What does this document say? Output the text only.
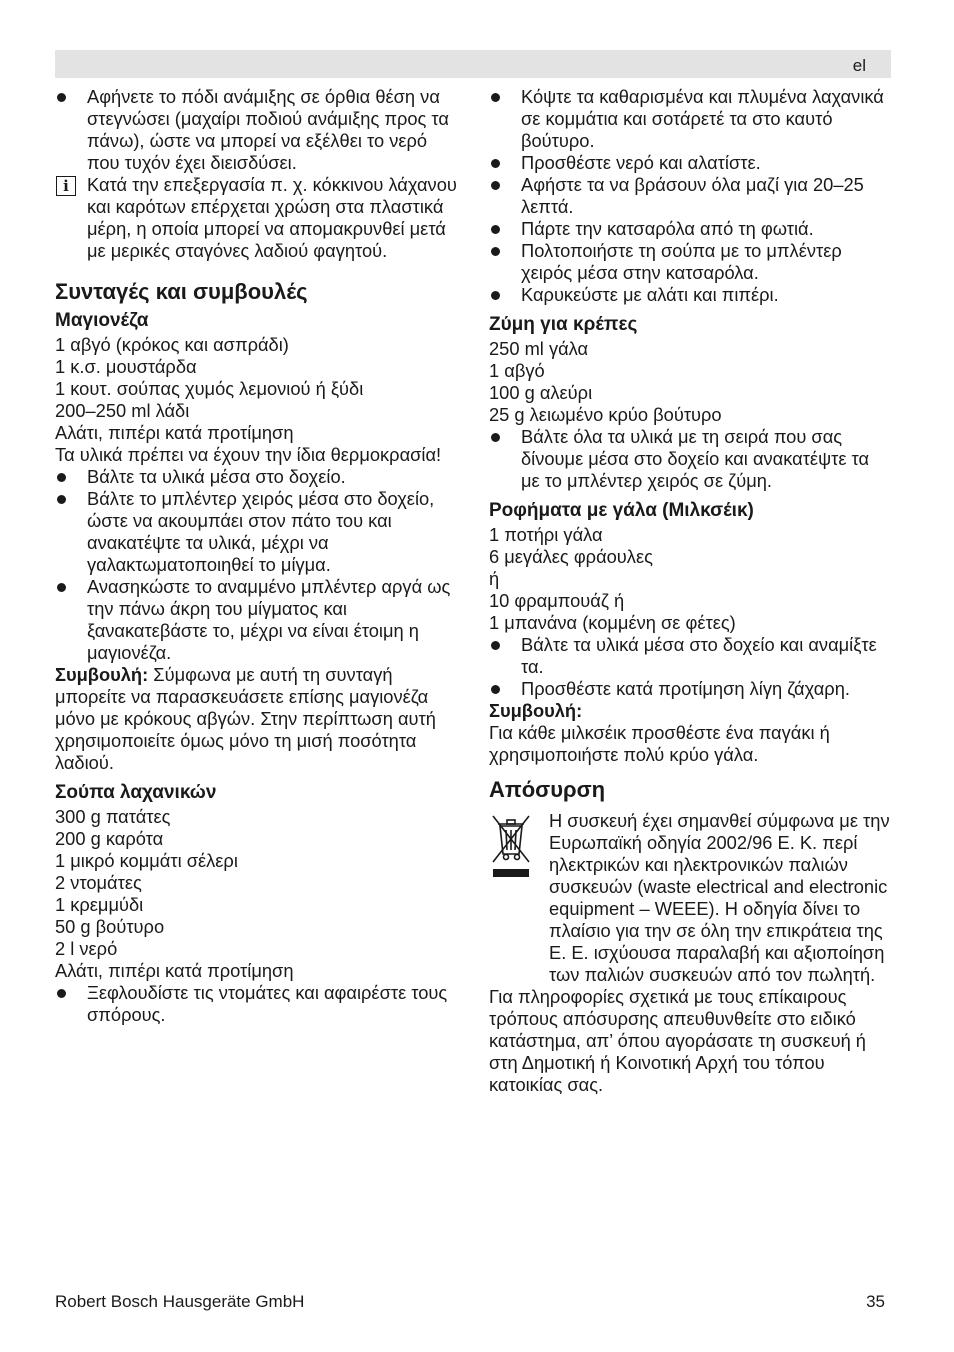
el

Αφήνετε το πόδι ανάμιξης σε όρθια θέση να στεγνώσει (μαχαίρι ποδιού ανάμιξης προς τα πάνω), ώστε να μπορεί να εξέλθει το νερό που τυχόν έχει διεισδύσει.

i Κατά την επεξεργασία π. χ. κόκκινου λάχανου και καρότων επέρχεται χρώση στα πλαστικά μέρη, η οποία μπορεί να απομακρυνθεί μετά με μερικές σταγόνες λαδιού φαγητού.

Συνταγές και συμβουλές
Μαγιονέζα

1 αβγό (κρόκος και ασπράδι)

1 κ.σ. μουστάρδα

1 κουτ. σούπας χυμός λεμονιού ή ξύδι

200–250 ml λάδι

Αλάτι, πιπέρι κατά προτίμηση

Τα υλικά πρέπει να έχουν την ίδια θερμοκρασία!

Βάλτε τα υλικά μέσα στο δοχείο.

Βάλτε το μπλέντερ χειρός μέσα στο δοχείο, ώστε να ακουμπάει στον πάτο του και ανακατέψτε τα υλικά, μέχρι να γαλακτωματοποιηθεί το μίγμα.

Ανασηκώστε το αναμμένο μπλέντερ αργά ως την πάνω άκρη του μίγματος και ξανακατεβάστε το, μέχρι να είναι έτοιμη η μαγιονέζα.

Συμβουλή: Σύμφωνα με αυτή τη συνταγή μπορείτε να παρασκευάσετε επίσης μαγιονέζα μόνο με κρόκους αβγών. Στην περίπτωση αυτή χρησιμοποιείτε όμως μόνο τη μισή ποσότητα λαδιού.

Σούπα λαχανικών

300 g πατάτες

200 g καρότα

1 μικρό κομμάτι σέλερι

2 ντομάτες

1 κρεμμύδι

50 g βούτυρο

2 l νερό

Αλάτι, πιπέρι κατά προτίμηση

Ξεφλουδίστε τις ντομάτες και αφαιρέστε τους σπόρους.

Κόψτε τα καθαρισμένα και πλυμένα λαχανικά σε κομμάτια και σοτάρετέ τα στο καυτό βούτυρο.

Προσθέστε νερό και αλατίστε.

Αφήστε τα να βράσουν όλα μαζί για 20–25 λεπτά.

Πάρτε την κατσαρόλα από τη φωτιά.

Πολτοποιήστε τη σούπα με το μπλέντερ χειρός μέσα στην κατσαρόλα.

Καρυκεύστε με αλάτι και πιπέρι.

Ζύμη για κρέπες

250 ml γάλα

1 αβγό

100 g αλεύρι

25 g λειωμένο κρύο βούτυρο

Βάλτε όλα τα υλικά με τη σειρά που σας δίνουμε μέσα στο δοχείο και ανακατέψτε τα με το μπλέντερ χειρός σε ζύμη.

Ροφήματα με γάλα (Μιλκσέικ)

1 ποτήρι γάλα

6 μεγάλες φράουλες

ή

10 φραμπουάζ ή

1 μπανάνα (κομμένη σε φέτες)

Βάλτε τα υλικά μέσα στο δοχείο και αναμίξτε τα.

Προσθέστε κατά προτίμηση λίγη ζάχαρη.

Συμβουλή:

Για κάθε μιλκσέικ προσθέστε ένα παγάκι ή χρησιμοποιήστε πολύ κρύο γάλα.

Απόσυρση

Η συσκευή έχει σημανθεί σύμφωνα με την Ευρωπαϊκή οδηγία 2002/96 E. K. περί ηλεκτρικών και ηλεκτρονικών παλιών συσκευών (waste electrical and electronic equipment – WEEE). Η οδηγία δίνει το πλαίσιο για την σε όλη την επικράτεια της Ε. Ε. ισχύουσα παραλαβή και αξιοποίηση των παλιών συσκευών από τον πωλητή.

Για πληροφορίες σχετικά με τους επίκαιρους τρόπους απόσυρσης απευθυνθείτε στο ειδικό κατάστημα, απ’ όπου αγοράσατε τη συσκευή ή στη Δημοτική ή Κοινοτική Αρχή του τόπου κατοικίας σας.

Robert Bosch Hausgeräte GmbH	35
